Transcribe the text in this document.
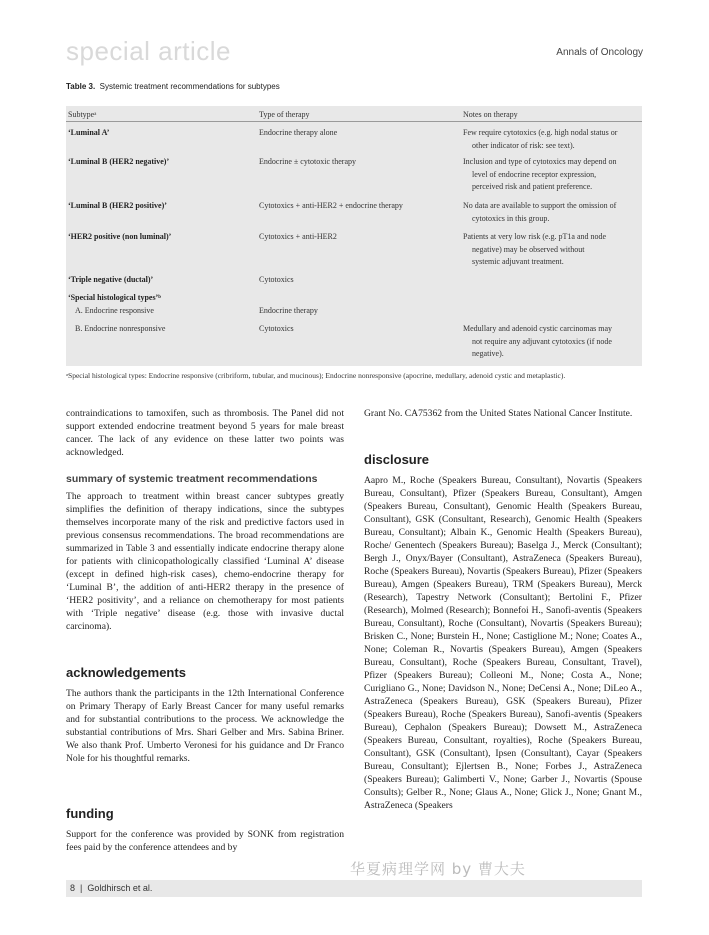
special article	Annals of Oncology
Table 3. Systemic treatment recommendations for subtypes
Subtypeᵃ	Type of therapy	Notes on therapy
‘Luminal A’	Endocrine therapy alone	Few require cytotoxics (e.g. high nodal status or
other indicator of risk: see text).
‘Luminal B (HER2 negative)’	Endocrine ± cytotoxic therapy	Inclusion and type of cytotoxics may depend on
level of endocrine receptor expression,
perceived risk and patient preference.
‘Luminal B (HER2 positive)’	Cytotoxics + anti-HER2 + endocrine therapy	No data are available to support the omission of
cytotoxics in this group.
‘HER2 positive (non luminal)’	Cytotoxics + anti-HER2	Patients at very low risk (e.g. pT1a and node
negative) may be observed without
systemic adjuvant treatment.
‘Triple negative (ductal)’	Cytotoxics
‘Special histological types’ᵇ
A. Endocrine responsive	Endocrine therapy
B. Endocrine nonresponsive	Cytotoxics	Medullary and adenoid cystic carcinomas may
not require any adjuvant cytotoxics (if node
negative).
ᵃSpecial histological types: Endocrine responsive (cribriform, tubular, and mucinous); Endocrine nonresponsive (apocrine, medullary, adenoid cystic and metaplastic).
contraindications to tamoxifen, such as thrombosis. The Panel did not support extended endocrine treatment beyond 5 years for male breast cancer. The lack of any evidence on these latter two points was acknowledged.
summary of systemic treatment recommendations
The approach to treatment within breast cancer subtypes greatly simplifies the definition of therapy indications, since the subtypes themselves incorporate many of the risk and predictive factors used in previous consensus recommendations. The broad recommendations are summarized in Table 3 and essentially indicate endocrine therapy alone for patients with clinicopathologically classified ‘Luminal A’ disease (except in defined high-risk cases), chemo-endocrine therapy for ‘Luminal B’, the addition of anti-HER2 therapy in the presence of ‘HER2 positivity’, and a reliance on chemotherapy for most patients with ‘Triple negative’ disease (e.g. those with invasive ductal carcinoma).
acknowledgements
The authors thank the participants in the 12th International Conference on Primary Therapy of Early Breast Cancer for many useful remarks and for substantial contributions to the process. We acknowledge the substantial contributions of Mrs. Shari Gelber and Mrs. Sabina Briner. We also thank Prof. Umberto Veronesi for his guidance and Dr Franco Nole for his thoughtful remarks.
funding
Support for the conference was provided by SONK from registration fees paid by the conference attendees and by
Grant No. CA75362 from the United States National Cancer Institute.
disclosure
Aapro M., Roche (Speakers Bureau, Consultant), Novartis (Speakers Bureau, Consultant), Pfizer (Speakers Bureau, Consultant), Amgen (Speakers Bureau, Consultant), Genomic Health (Speakers Bureau, Consultant), GSK (Consultant, Research), Genomic Health (Speakers Bureau, Consultant); Albain K., Genomic Health (Speakers Bureau), Roche/ Genentech (Speakers Bureau); Baselga J., Merck (Consultant); Bergh J., Onyx/Bayer (Consultant), AstraZeneca (Speakers Bureau), Roche (Speakers Bureau), Novartis (Speakers Bureau), Pfizer (Speakers Bureau), Amgen (Speakers Bureau), TRM (Speakers Bureau), Merck (Research), Tapestry Network (Consultant); Bertolini F., Pfizer (Research), Molmed (Research); Bonnefoi H., Sanofi-aventis (Speakers Bureau, Consultant), Roche (Consultant), Novartis (Speakers Bureau); Brisken C., None; Burstein H., None; Castiglione M.; None; Coates A., None; Coleman R., Novartis (Speakers Bureau), Amgen (Speakers Bureau, Consultant), Roche (Speakers Bureau, Consultant, Travel), Pfizer (Speakers Bureau); Colleoni M., None; Costa A., None; Curigliano G., None; Davidson N., None; DeCensi A., None; DiLeo A., AstraZeneca (Speakers Bureau), GSK (Speakers Bureau), Pfizer (Speakers Bureau), Roche (Speakers Bureau), Sanofi-aventis (Speakers Bureau), Cephalon (Speakers Bureau); Dowsett M., AstraZeneca (Speakers Bureau, Consultant, royalties), Roche (Speakers Bureau, Consultant), GSK (Consultant), Ipsen (Consultant), Cayar (Speakers Bureau, Consultant); Ejlertsen B., None; Forbes J., AstraZeneca (Speakers Bureau); Galimberti V., None; Garber J., Novartis (Spouse Consults); Gelber R., None; Glaus A., None; Glick J., None; Gnant M., AstraZeneca (Speakers
华夏病理学网 by 曹大夫
8  |  Goldhirsch et al.
